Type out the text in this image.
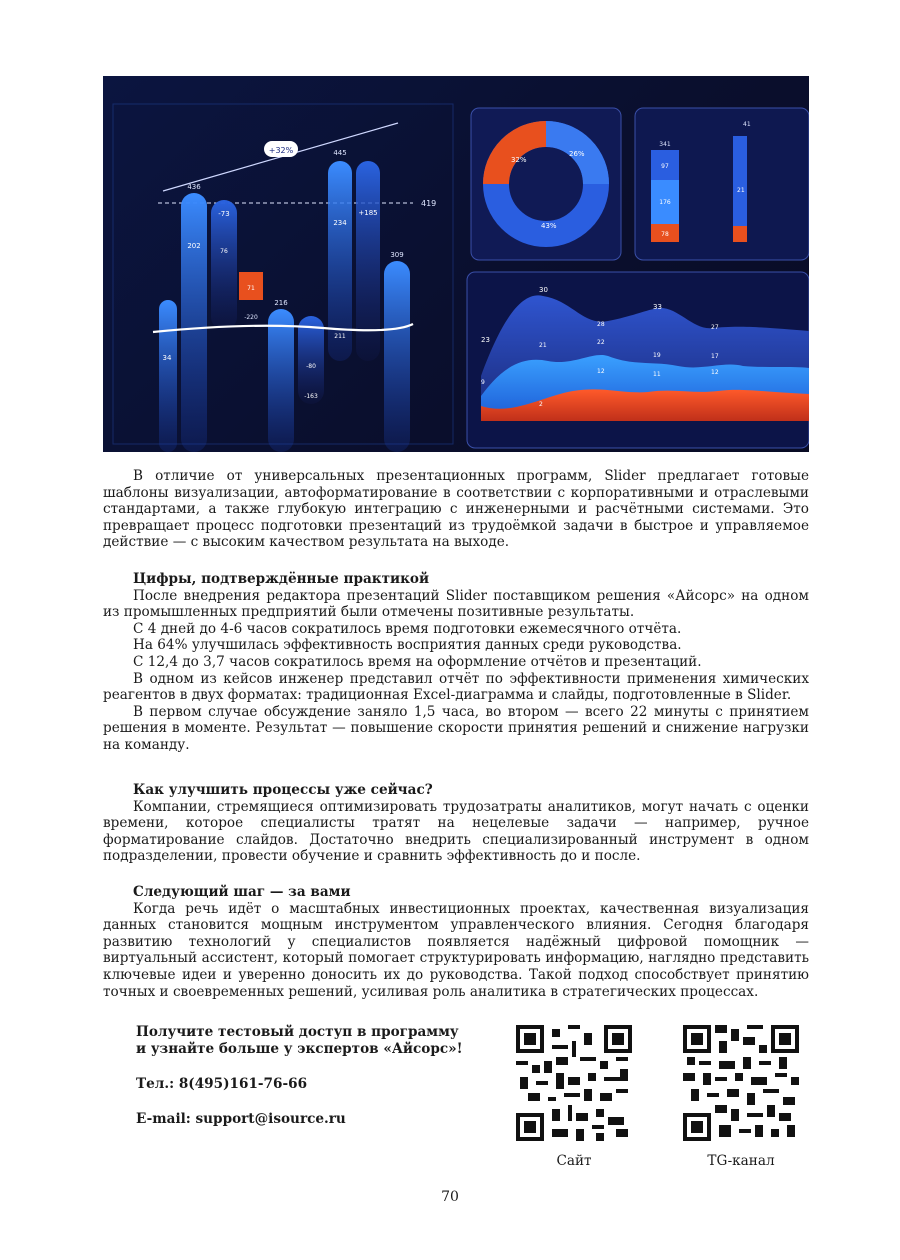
+32%
419
436
202
-73
76
71
-220
216
-80
-163
445
234
211
+185
309
34
32%
26%
43%
341
97
176
78
41
21
30
23
21
28
22
33
27
19	17
12	11	12
9
2

В отличие от универсальных презентационных программ, Slider предлагает готовые шаблоны визуализации, автоформатирование в соответствии с корпоративными и отраслевыми стандартами, а также глубокую интеграцию с инженерными и расчётными системами. Это превращает процесс подготовки презентаций из трудоёмкой задачи в быстрое и управляемое действие — с высоким качеством результата на выходе.

Цифры, подтверждённые практикой

После внедрения редактора презентаций Slider поставщиком решения «Айсорс» на одном из промышленных предприятий были отмечены позитивные результаты.

С 4 дней до 4-6 часов сократилось время подготовки ежемесячного отчёта.

На 64% улучшилась эффективность восприятия данных среди руководства.

С 12,4 до 3,7 часов сократилось время на оформление отчётов и презентаций.

В одном из кейсов инженер представил отчёт по эффективности применения химических реагентов в двух форматах: традиционная Excel-диаграмма и слайды, подготовленные в Slider.

В первом случае обсуждение заняло 1,5 часа, во втором — всего 22 минуты с принятием решения в моменте. Результат — повышение скорости принятия решений и снижение нагрузки на команду.

Как улучшить процессы уже сейчас?

Компании, стремящиеся оптимизировать трудозатраты аналитиков, могут начать с оценки времени, которое специалисты тратят на нецелевые задачи — например, ручное форматирование слайдов. Достаточно внедрить специализированный инструмент в одном подразделении, провести обучение и сравнить эффективность до и после.

Следующий шаг — за вами

Когда речь идёт о масштабных инвестиционных проектах, качественная визуализация данных становится мощным инструментом управленческого влияния. Сегодня благодаря развитию технологий у специалистов появляется надёжный цифровой помощник — виртуальный ассистент, который помогает структурировать информацию, наглядно представить ключевые идеи и уверенно доносить их до руководства. Такой подход способствует принятию точных и своевременных решений, усиливая роль аналитика в стратегических процессах.

Получите тестовый доступ в программу

и узнайте больше у экспертов «Айсорс»!

Тел.: 8(495)161-76-66

E-mail: support@isource.ru

Сайт	TG-канал
70
